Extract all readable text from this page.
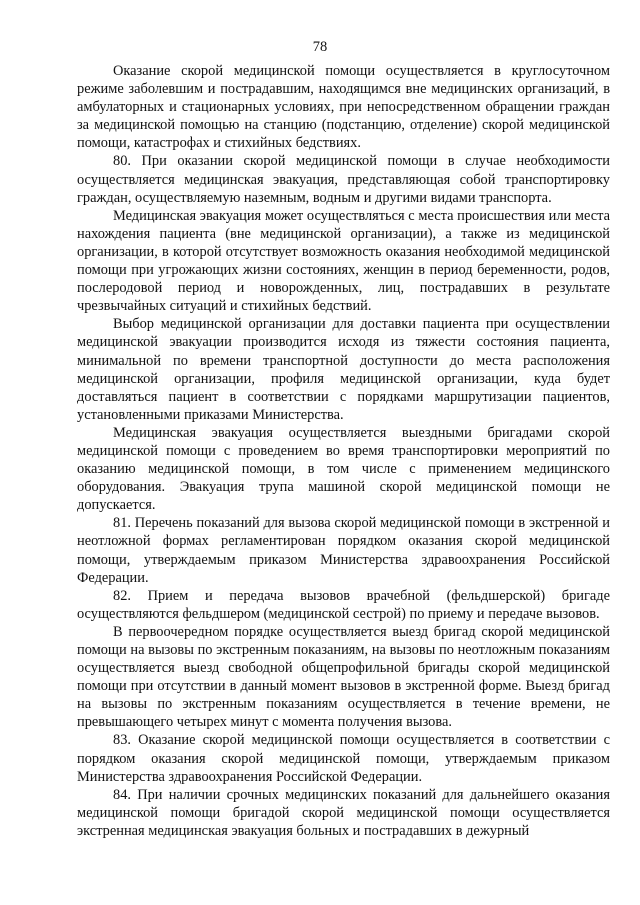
78

Оказание скорой медицинской помощи осуществляется в круглосуточном режиме заболевшим и пострадавшим, находящимся вне медицинских организаций, в амбулаторных и стационарных условиях, при непосредственном обращении граждан за медицинской помощью на станцию (подстанцию, отделение) скорой медицинской помощи, катастрофах и стихийных бедствиях.

80. При оказании скорой медицинской помощи в случае необходимости осуществляется медицинская эвакуация, представляющая собой транспортировку граждан, осуществляемую наземным, водным и другими видами транспорта.

Медицинская эвакуация может осуществляться с места происшествия или места нахождения пациента (вне медицинской организации), а также из медицинской организации, в которой отсутствует возможность оказания необходимой медицинской помощи при угрожающих жизни состояниях, женщин в период беременности, родов, послеродовой период и новорожденных, лиц, пострадавших в результате чрезвычайных ситуаций и стихийных бедствий.

Выбор медицинской организации для доставки пациента при осуществлении медицинской эвакуации производится исходя из тяжести состояния пациента, минимальной по времени транспортной доступности до места расположения медицинской организации, профиля медицинской организации, куда будет доставляться пациент в соответствии с порядками маршрутизации пациентов, установленными приказами Министерства.

Медицинская эвакуация осуществляется выездными бригадами скорой медицинской помощи с проведением во время транспортировки мероприятий по оказанию медицинской помощи, в том числе с применением медицинского оборудования. Эвакуация трупа машиной скорой медицинской помощи не допускается.

81. Перечень показаний для вызова скорой медицинской помощи в экстренной и неотложной формах регламентирован порядком оказания скорой медицинской помощи, утверждаемым приказом Министерства здравоохранения Российской Федерации.

82. Прием и передача вызовов врачебной (фельдшерской) бригаде осуществляются фельдшером (медицинской сестрой) по приему и передаче вызовов.

В первоочередном порядке осуществляется выезд бригад скорой медицинской помощи на вызовы по экстренным показаниям, на вызовы по неотложным показаниям осуществляется выезд свободной общепрофильной бригады скорой медицинской помощи при отсутствии в данный момент вызовов в экстренной форме. Выезд бригад на вызовы по экстренным показаниям осуществляется в течение времени, не превышающего четырех минут с момента получения вызова.

83. Оказание скорой медицинской помощи осуществляется в соответствии с порядком оказания скорой медицинской помощи, утверждаемым приказом Министерства здравоохранения Российской Федерации.

84. При наличии срочных медицинских показаний для дальнейшего оказания медицинской помощи бригадой скорой медицинской помощи осуществляется экстренная медицинская эвакуация больных и пострадавших в дежурный
